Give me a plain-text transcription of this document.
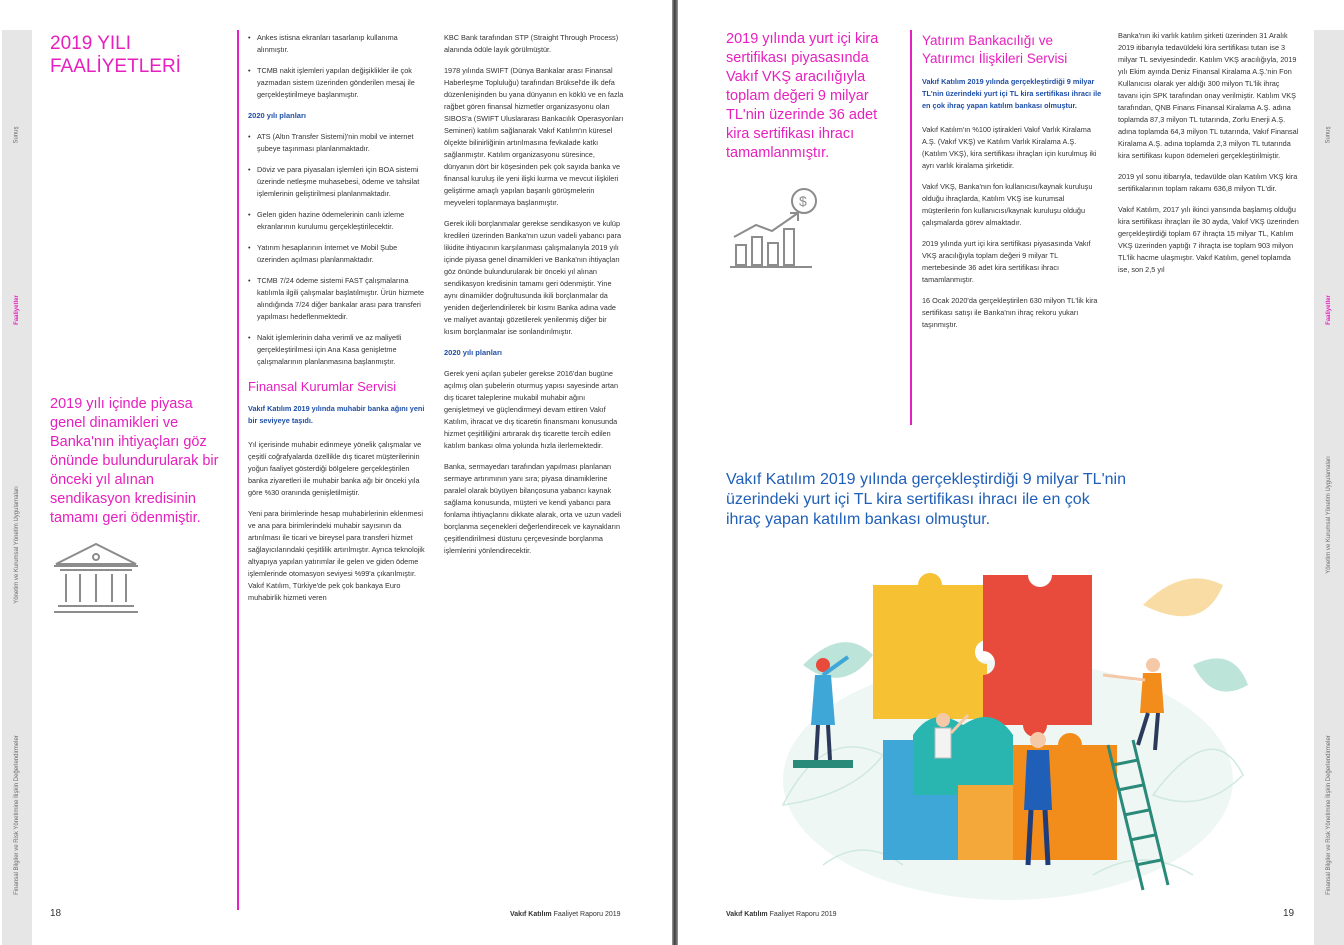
Sunuş
Faaliyetler
Yönetim ve Kurumsal Yönetim Uygulamaları
Finansal Bilgiler ve Risk Yönetimine İlişkin Değerlendirmeler
2019 YILI FAALİYETLERİ

2019 yılı içinde piyasa genel dinamikleri ve Banka'nın ihtiyaçları göz önünde bulundurularak bir önceki yıl alınan sendikasyon kredisinin tamamı geri ödenmiştir.

• Ankes istisna ekranları tasarlanıp kullanıma alınmıştır.
• TCMB nakit işlemleri yapılan değişiklikler ile çok yazmadan sistem üzerinden gönderilen mesaj ile gerçekleştirilmeye başlanmıştır.
2020 yılı planları
• ATS (Altın Transfer Sistemi)'nin mobil ve internet şubeye taşınması planlanmaktadır.
• Döviz ve para piyasaları işlemleri için BOA sistemi üzerinde netleşme muhasebesi, ödeme ve tahsilat işlemlerinin geliştirilmesi planlanmaktadır.
• Gelen giden hazine ödemelerinin canlı izleme ekranlarının kurulumu gerçekleştirilecektir.
• Yatırım hesaplarının İnternet ve Mobil Şube üzerinden açılması planlanmaktadır.
• TCMB 7/24 ödeme sistemi FAST çalışmalarına katılımla ilgili çalışmalar başlatılmıştır. Ürün hizmete alındığında 7/24 diğer bankalar arası para transferi yapılması hedeflenmektedir.
• Nakit işlemlerinin daha verimli ve az maliyetli gerçekleştirilmesi için Ana Kasa genişletme çalışmalarının planlanmasına başlanmıştır.
Finansal Kurumlar Servisi
Vakıf Katılım 2019 yılında muhabir banka ağını yeni bir seviyeye taşıdı.

Yıl içerisinde muhabir edinmeye yönelik çalışmalar ve çeşitli coğrafyalarda özellikle dış ticaret müşterilerinin yoğun faaliyet gösterdiği bölgelere gerçekleştirilen banka ziyaretleri ile muhabir banka ağı bir önceki yıla göre %30 oranında genişletilmiştir.

Yeni para birimlerinde hesap muhabirlerinin eklenmesi ve ana para birimlerindeki muhabir sayısının da artırılması ile ticari ve bireysel para transferi hizmet sağlayıcılarındaki çeşitlilik artırılmıştır. Ayrıca teknolojik altyapıya yapılan yatırımlar ile gelen ve giden ödeme işlemlerinde otomasyon seviyesi %99'a çıkarılmıştır. Vakıf Katılım, Türkiye'de pek çok bankaya Euro muhabirlik hizmeti veren

KBC Bank tarafından STP (Straight Through Process) alanında ödüle layık görülmüştür.

1978 yılında SWIFT (Dünya Bankalar arası Finansal Haberleşme Topluluğu) tarafından Brüksel'de ilk defa düzenlenişinden bu yana dünyanın en köklü ve en fazla rağbet gören finansal hizmetler organizasyonu olan SIBOS'a (SWIFT Uluslararası Bankacılık Operasyonları Semineri) katılım sağlanarak Vakıf Katılım'ın küresel ölçekte bilinirliğinin artırılmasına fevkalade katkı sağlanmıştır. Katılım organizasyonu süresince, dünyanın dört bir köşesinden pek çok sayıda banka ve finansal kuruluş ile yeni ilişki kurma ve mevcut ilişkileri geliştirme amaçlı yapılan başarılı görüşmelerin meyveleri toplanmaya başlanmıştır.

Gerek ikili borçlanmalar gerekse sendikasyon ve kulüp kredileri üzerinden Banka'nın uzun vadeli yabancı para likidite ihtiyacının karşılanması çalışmalarıyla 2019 yılı içinde piyasa genel dinamikleri ve Banka'nın ihtiyaçları göz önünde bulundurularak bir önceki yıl alınan sendikasyon kredisinin tamamı geri ödenmiştir. Yine aynı dinamikler doğrultusunda ikili borçlanmalar da yeniden değerlendirilerek bir kısmı Banka adına vade ve maliyet avantajı gözetilerek yenilenmiş diğer bir kısım borçlanmalar ise sonlandırılmıştır.

2020 yılı planları

Gerek yeni açılan şubeler gerekse 2016'dan bugüne açılmış olan şubelerin oturmuş yapısı sayesinde artan dış ticaret taleplerine mukabil muhabir ağını genişletmeyi ve güçlendirmeyi devam ettiren Vakıf Katılım, ihracat ve dış ticaretin finansmanı konusunda hizmet çeşitliliğini artırarak dış ticarette tercih edilen katılım bankası olma yolunda hızla ilerlemektedir.

Banka, sermayedarı tarafından yapılması planlanan sermaye artırımının yanı sıra; piyasa dinamiklerine paralel olarak büyüyen bilançosuna yabancı kaynak sağlama konusunda, müşteri ve kendi yabancı para fonlama ihtiyaçlarını dikkate alarak, orta ve uzun vadeli borçlanma seçenekleri değerlendirecek ve kaynakların çeşitlendirilmesi düsturu çerçevesinde borçlanma işlemlerini yönlendirecektir.

18	Vakıf Katılım Faaliyet Raporu 2019
Sunuş
Faaliyetler
Yönetim ve Kurumsal Yönetim Uygulamaları
Finansal Bilgiler ve Risk Yönetimine İlişkin Değerlendirmeler

2019 yılında yurt içi kira sertifikası piyasasında Vakıf VKŞ aracılığıyla toplam değeri 9 milyar TL'nin üzerinde 36 adet kira sertifikası ihracı tamamlanmıştır.

$
Yatırım Bankacılığı ve Yatırımcı İlişkileri Servisi
Vakıf Katılım 2019 yılında gerçekleştirdiği 9 milyar TL'nin üzerindeki yurt içi TL kira sertifikası ihracı ile en çok ihraç yapan katılım bankası olmuştur.

Vakıf Katılım'ın %100 iştirakleri Vakıf Varlık Kiralama A.Ş. (Vakıf VKŞ) ve Katılım Varlık Kiralama A.Ş. (Katılım VKŞ), kira sertifikası ihraçları için kurulmuş iki ayrı varlık kiralama şirketidir.

Vakıf VKŞ, Banka'nın fon kullanıcısı/kaynak kuruluşu olduğu ihraçlarda, Katılım VKŞ ise kurumsal müşterilerin fon kullanıcısı/kaynak kuruluşu olduğu çalışmalarda görev almaktadır.

2019 yılında yurt içi kira sertifikası piyasasında Vakıf VKŞ aracılığıyla toplam değeri 9 milyar TL mertebesinde 36 adet kira sertifikası ihracı tamamlanmıştır.

16 Ocak 2020'da gerçekleştirilen 630 milyon TL'lik kira sertifikası satışı ile Banka'nın ihraç rekoru yukarı taşınmıştır.

Banka'nın iki varlık katılım şirketi üzerinden 31 Aralık 2019 itibarıyla tedavüldeki kira sertifikası tutarı ise 3 milyar TL seviyesindedir. Katılım VKŞ aracılığıyla, 2019 yılı Ekim ayında Deniz Finansal Kiralama A.Ş.'nin Fon Kullanıcısı olarak yer aldığı 300 milyon TL'lik ihraç tavanı için SPK tarafından onay verilmiştir. Katılım VKŞ tarafından, QNB Finans Finansal Kiralama A.Ş. adına toplamda 87,3 milyon TL tutarında, Zorlu Enerji A.Ş. adına toplamda 64,3 milyon TL tutarında, Vakıf Finansal Kiralama A.Ş. adına toplamda 2,3 milyon TL tutarında kira sertifikası kupon ödemeleri gerçekleştirilmiştir.

2019 yıl sonu itibarıyla, tedavülde olan Katılım VKŞ kira sertifikalarının toplam rakamı 636,8 milyon TL'dir.

Vakıf Katılım, 2017 yılı ikinci yarısında başlamış olduğu kira sertifikası ihraçları ile 30 ayda, Vakıf VKŞ üzerinden gerçekleştirdiği toplam 67 ihraçta 15 milyar TL, Katılım VKŞ üzerinden yaptığı 7 ihraçta ise toplam 903 milyon TL'lik hacme ulaşmıştır. Vakıf Katılım, genel toplamda ise, son 2,5 yıl

Vakıf Katılım 2019 yılında gerçekleştirdiği 9 milyar TL'nin üzerindeki yurt içi TL kira sertifikası ihracı ile en çok ihraç yapan katılım bankası olmuştur.

Vakıf Katılım Faaliyet Raporu 2019	19
